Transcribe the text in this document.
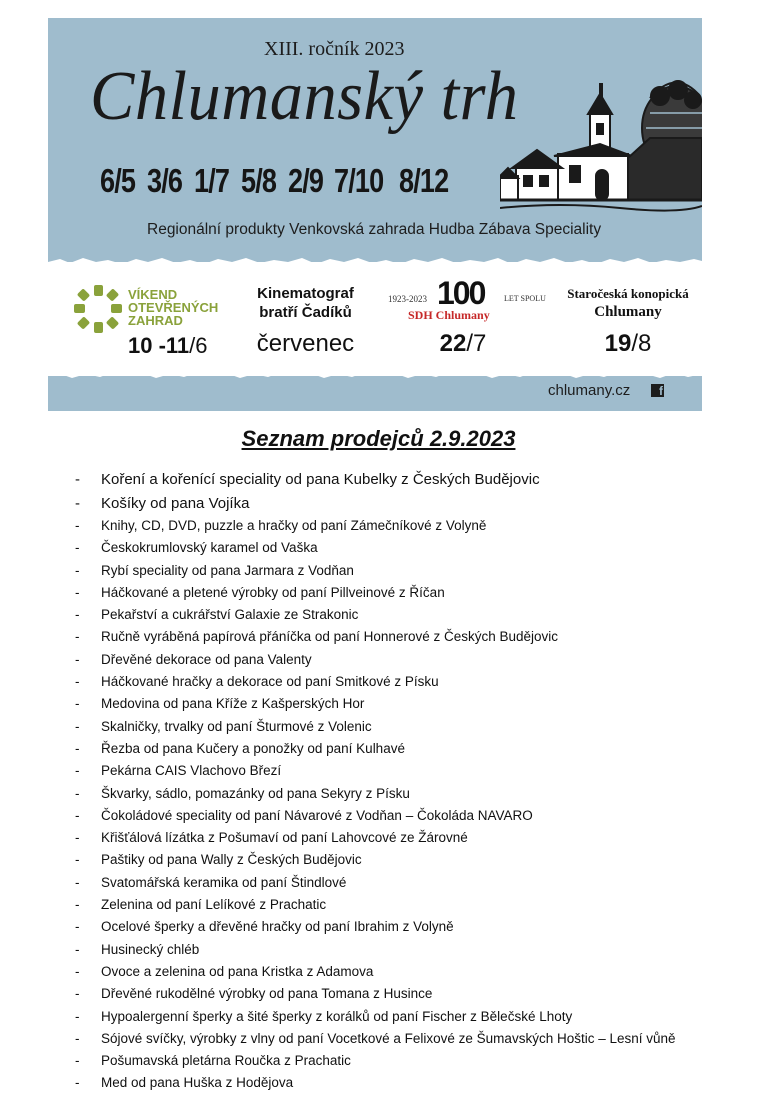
XIII. ročník 2023
Chlumanský trh
6/5 3/6 1/7 5/8 2/9 7/10 8/12
Regionální produkty Venkovská zahrada Hudba Zábava Speciality
VÍKEND
OTEVŘENÝCH
ZAHRAD
10 -11/6
Kinematograf
bratří Čadíků
červenec
1923-2023 100 LET SPOLU
SDH Chlumany
22/7
Staročeská konopická
Chlumany
19/8
chlumany.cz	f
Seznam prodejců 2.9.2023
- Koření a kořenící speciality od pana Kubelky z Českých Budějovic
- Košíky od pana Vojíka
- Knihy, CD, DVD, puzzle a hračky od paní Zámečníkové z Volyně
- Českokrumlovský karamel od Vaška
- Rybí speciality od pana Jarmara z Vodňan
- Háčkované a pletené výrobky od paní Pillveinové z Říčan
- Pekařství a cukrářství Galaxie ze Strakonic
- Ručně vyráběná papírová přáníčka od paní Honnerové z Českých Budějovic
- Dřevěné dekorace od pana Valenty
- Háčkované hračky a dekorace od paní Smitkové z Písku
- Medovina od pana Kříže z Kašperských Hor
- Skalničky, trvalky od paní Šturmové z Volenic
- Řezba od pana Kučery a ponožky od paní Kulhavé
- Pekárna CAIS Vlachovo Březí
- Škvarky, sádlo, pomazánky od pana Sekyry z Písku
- Čokoládové speciality od paní Návarové z Vodňan – Čokoláda NAVARO
- Křišťálová lízátka z Pošumaví od paní Lahovcové ze Žárovné
- Paštiky od pana Wally z Českých Budějovic
- Svatomářská keramika od paní Štindlové
- Zelenina od paní Lelíkové z Prachatic
- Ocelové šperky a dřevěné hračky od paní Ibrahim z Volyně
- Husinecký chléb
- Ovoce a zelenina od pana Kristka z Adamova
- Dřevěné rukodělné výrobky od pana Tomana z Husince
- Hypoalergenní šperky a šité šperky z korálků od paní Fischer z Bělečské Lhoty
- Sójové svíčky, výrobky z vlny od paní Vocetkové a Felixové ze Šumavských Hoštic – Lesní vůně
- Pošumavská pletárna Roučka z Prachatic
- Med od pana Huška z Hodějova
